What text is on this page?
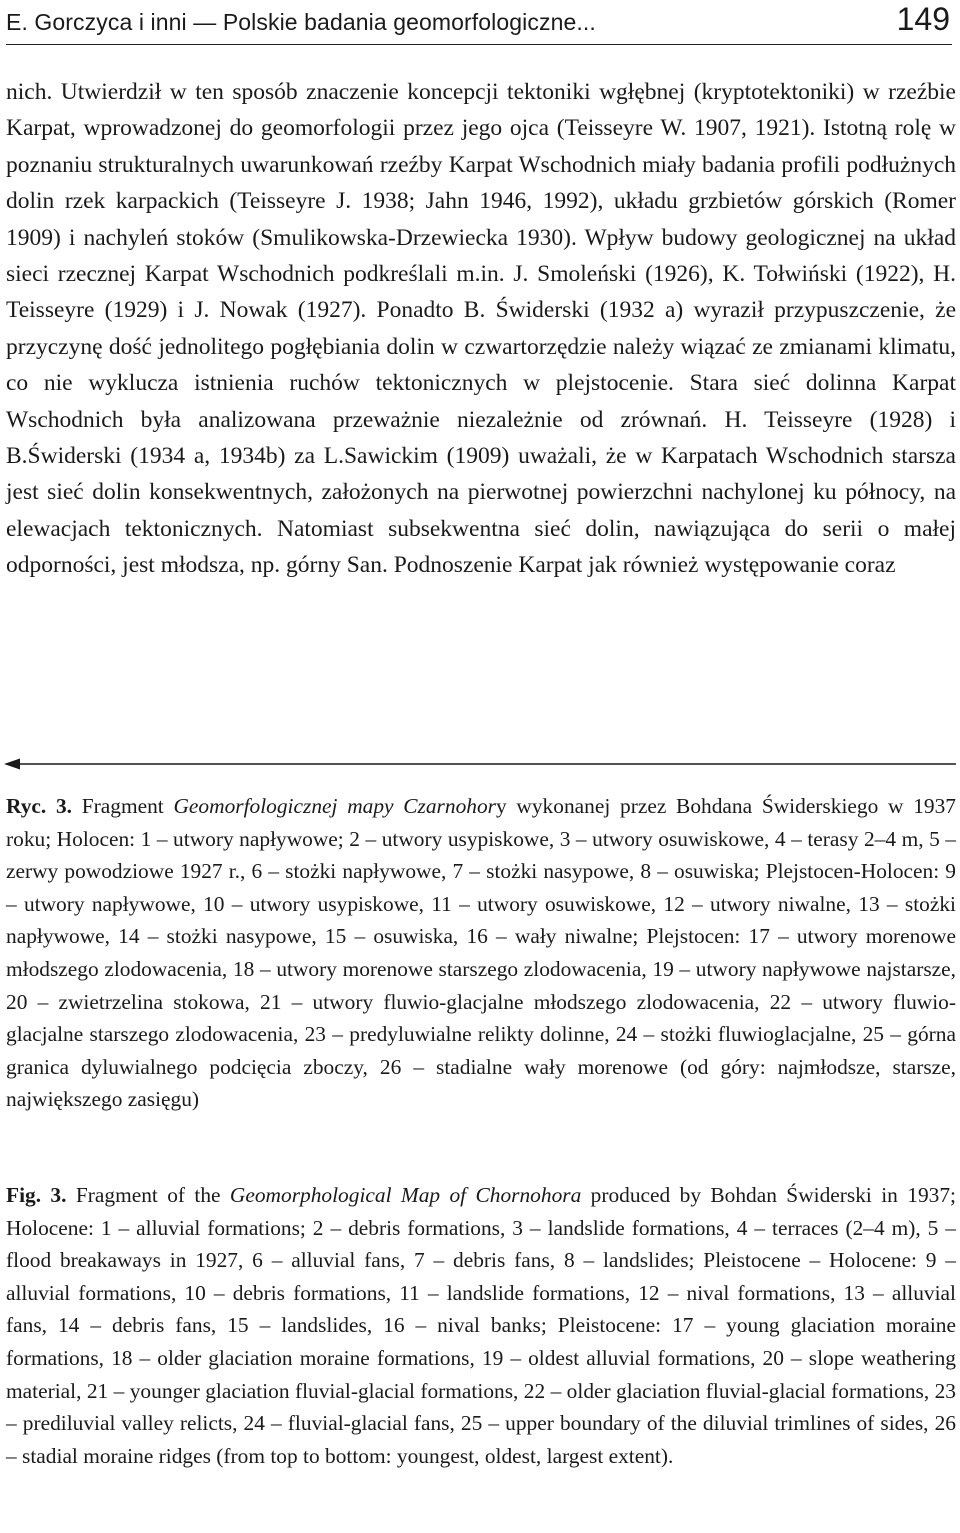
E. Gorczyca i inni — Polskie badania geomorfologiczne...	149

nich. Utwierdził w ten sposób znaczenie koncepcji tektoniki wgłębnej (kryptotektoniki) w rzeźbie Karpat, wprowadzonej do geomorfologii przez jego ojca (Teisseyre W. 1907, 1921). Istotną rolę w poznaniu strukturalnych uwarunkowań rzeźby Karpat Wschodnich miały badania profili podłużnych dolin rzek karpackich (Teisseyre J. 1938; Jahn 1946, 1992), układu grzbietów górskich (Romer 1909) i nachyleń stoków (Smulikowska-Drzewiecka 1930). Wpływ budowy geologicznej na układ sieci rzecznej Karpat Wschodnich podkreślali m.in. J. Smoleński (1926), K. Tołwiński (1922), H. Teisseyre (1929) i J. Nowak (1927). Ponadto B. Świderski (1932 a) wyraził przypuszczenie, że przyczynę dość jednolitego pogłębiania dolin w czwartorzędzie należy wiązać ze zmianami klimatu, co nie wyklucza istnienia ruchów tektonicznych w plejstocenie. Stara sieć dolinna Karpat Wschodnich była analizowana przeważnie niezależnie od zrównań. H. Teisseyre (1928) i B.Świderski (1934 a, 1934b) za L.Sawickim (1909) uważali, że w Karpatach Wschodnich starsza jest sieć dolin konsekwentnych, założonych na pierwotnej powierzchni nachylonej ku północy, na elewacjach tektonicznych. Natomiast subsekwentna sieć dolin, nawiązująca do serii o małej odporności, jest młodsza, np. górny San. Podnoszenie Karpat jak również występowanie coraz

Ryc. 3. Fragment Geomorfologicznej mapy Czarnohory wykonanej przez Bohdana Świderskiego w 1937 roku; Holocen: 1 – utwory napływowe; 2 – utwory usypiskowe, 3 – utwory osuwiskowe, 4 – terasy 2–4 m, 5 – zerwy powodziowe 1927 r., 6 – stożki napływowe, 7 – stożki nasypowe, 8 – osuwiska; Plejstocen-Holocen: 9 – utwory napływowe, 10 – utwory usypiskowe, 11 – utwory osuwiskowe, 12 – utwory niwalne, 13 – stożki napływowe, 14 – stożki nasypowe, 15 – osuwiska, 16 – wały niwalne; Plejstocen: 17 – utwory morenowe młodszego zlodowacenia, 18 – utwory morenowe starszego zlodowacenia, 19 – utwory napływowe najstarsze, 20 – zwietrzelina stokowa, 21 – utwory fluwio-glacjalne młodszego zlodowacenia, 22 – utwory fluwio-glacjalne starszego zlodowacenia, 23 – predyluwialne relikty dolinne, 24 – stożki fluwioglacjalne, 25 – górna granica dyluwialnego podcięcia zboczy, 26 – stadialne wały morenowe (od góry: najmłodsze, starsze, największego zasięgu)

Fig. 3. Fragment of the Geomorphological Map of Chornohora produced by Bohdan Świderski in 1937; Holocene: 1 – alluvial formations; 2 – debris formations, 3 – landslide formations, 4 – terraces (2–4 m), 5 – flood breakaways in 1927, 6 – alluvial fans, 7 – debris fans, 8 – landslides; Pleistocene – Holocene: 9 – alluvial formations, 10 – debris formations, 11 – landslide formations, 12 – nival formations, 13 – alluvial fans, 14 – debris fans, 15 – landslides, 16 – nival banks; Pleistocene: 17 – young glaciation moraine formations, 18 – older glaciation moraine formations, 19 – oldest alluvial formations, 20 – slope weathering material, 21 – younger glaciation fluvial-glacial formations, 22 – older glaciation fluvial-glacial formations, 23 – prediluvial valley relicts, 24 – fluvial-glacial fans, 25 – upper boundary of the diluvial trimlines of sides, 26 – stadial moraine ridges (from top to bottom: youngest, oldest, largest extent).
